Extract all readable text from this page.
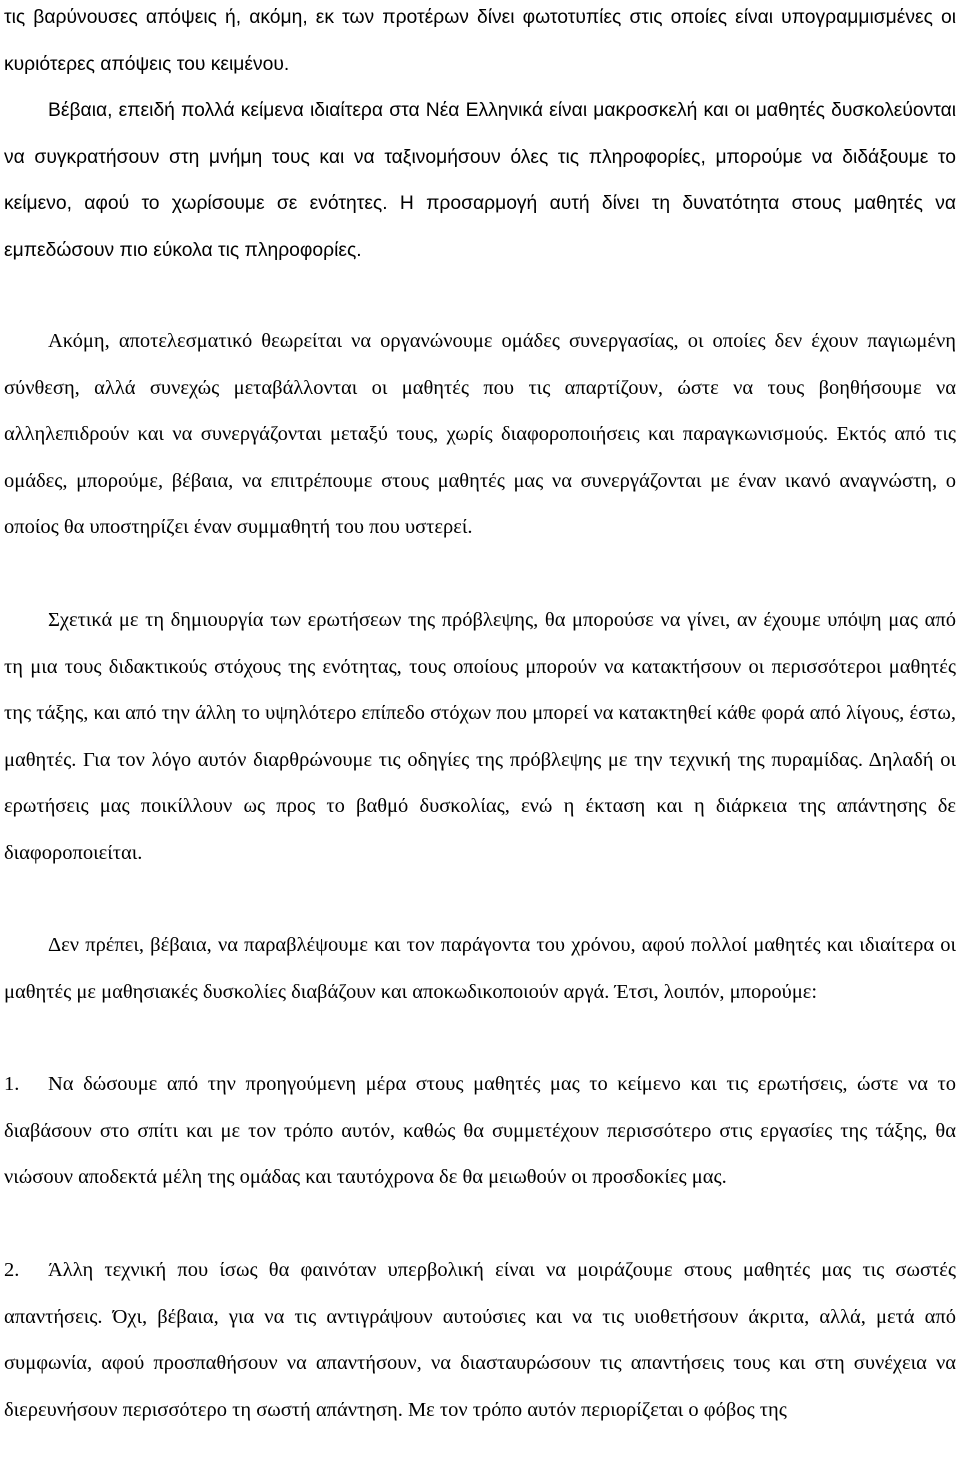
τις βαρύνουσες απόψεις ή, ακόμη, εκ των προτέρων δίνει φωτοτυπίες στις οποίες είναι υπογραμμισμένες οι κυριότερες απόψεις του κειμένου.

Βέβαια, επειδή πολλά κείμενα ιδιαίτερα στα Νέα Ελληνικά είναι μακροσκελή και οι μαθητές δυσκολεύονται να συγκρατήσουν στη μνήμη τους και να ταξινομήσουν όλες τις πληροφορίες, μπορούμε να διδάξουμε το κείμενο, αφού το χωρίσουμε σε ενότητες. Η προσαρμογή αυτή δίνει τη δυνατότητα στους μαθητές να εμπεδώσουν πιο εύκολα τις πληροφορίες.

Ακόμη, αποτελεσματικό θεωρείται να οργανώνουμε ομάδες συνεργασίας, οι οποίες δεν έχουν παγιωμένη σύνθεση, αλλά συνεχώς μεταβάλλονται οι μαθητές που τις απαρτίζουν, ώστε να τους βοηθήσουμε να αλληλεπιδρούν και να συνεργάζονται μεταξύ τους, χωρίς διαφοροποιήσεις και παραγκωνισμούς. Εκτός από τις ομάδες, μπορούμε, βέβαια, να επιτρέπουμε στους μαθητές μας να συνεργάζονται με έναν ικανό αναγνώστη, ο οποίος θα υποστηρίζει έναν συμμαθητή του που υστερεί.

Σχετικά με τη δημιουργία των ερωτήσεων της πρόβλεψης, θα μπορούσε να γίνει, αν έχουμε υπόψη μας από τη μια τους διδακτικούς στόχους της ενότητας, τους οποίους μπορούν να κατακτήσουν οι περισσότεροι μαθητές της τάξης, και από την άλλη το υψηλότερο επίπεδο στόχων που μπορεί να κατακτηθεί κάθε φορά από λίγους, έστω, μαθητές. Για τον λόγο αυτόν διαρθρώνουμε τις οδηγίες της πρόβλεψης με την τεχνική της πυραμίδας. Δηλαδή οι ερωτήσεις μας ποικίλλουν ως προς το βαθμό δυσκολίας, ενώ η έκταση και η διάρκεια της απάντησης δε διαφοροποιείται.

Δεν πρέπει, βέβαια, να παραβλέψουμε και τον παράγοντα του χρόνου, αφού πολλοί μαθητές και ιδιαίτερα οι μαθητές με μαθησιακές δυσκολίες διαβάζουν και αποκωδικοποιούν αργά. Έτσι, λοιπόν, μπορούμε:

1. Να δώσουμε από την προηγούμενη μέρα στους μαθητές μας το κείμενο και τις ερωτήσεις, ώστε να το διαβάσουν στο σπίτι και με τον τρόπο αυτόν, καθώς θα συμμετέχουν περισσότερο στις εργασίες της τάξης, θα νιώσουν αποδεκτά μέλη της ομάδας και ταυτόχρονα δε θα μειωθούν οι προσδοκίες μας.

2. Άλλη τεχνική που ίσως θα φαινόταν υπερβολική είναι να μοιράζουμε στους μαθητές μας τις σωστές απαντήσεις. Όχι, βέβαια, για να τις αντιγράψουν αυτούσιες και να τις υιοθετήσουν άκριτα, αλλά, μετά από συμφωνία, αφού προσπαθήσουν να απαντήσουν, να διασταυρώσουν τις απαντήσεις τους και στη συνέχεια να διερευνήσουν περισσότερο τη σωστή απάντηση. Με τον τρόπο αυτόν περιορίζεται ο φόβος της
